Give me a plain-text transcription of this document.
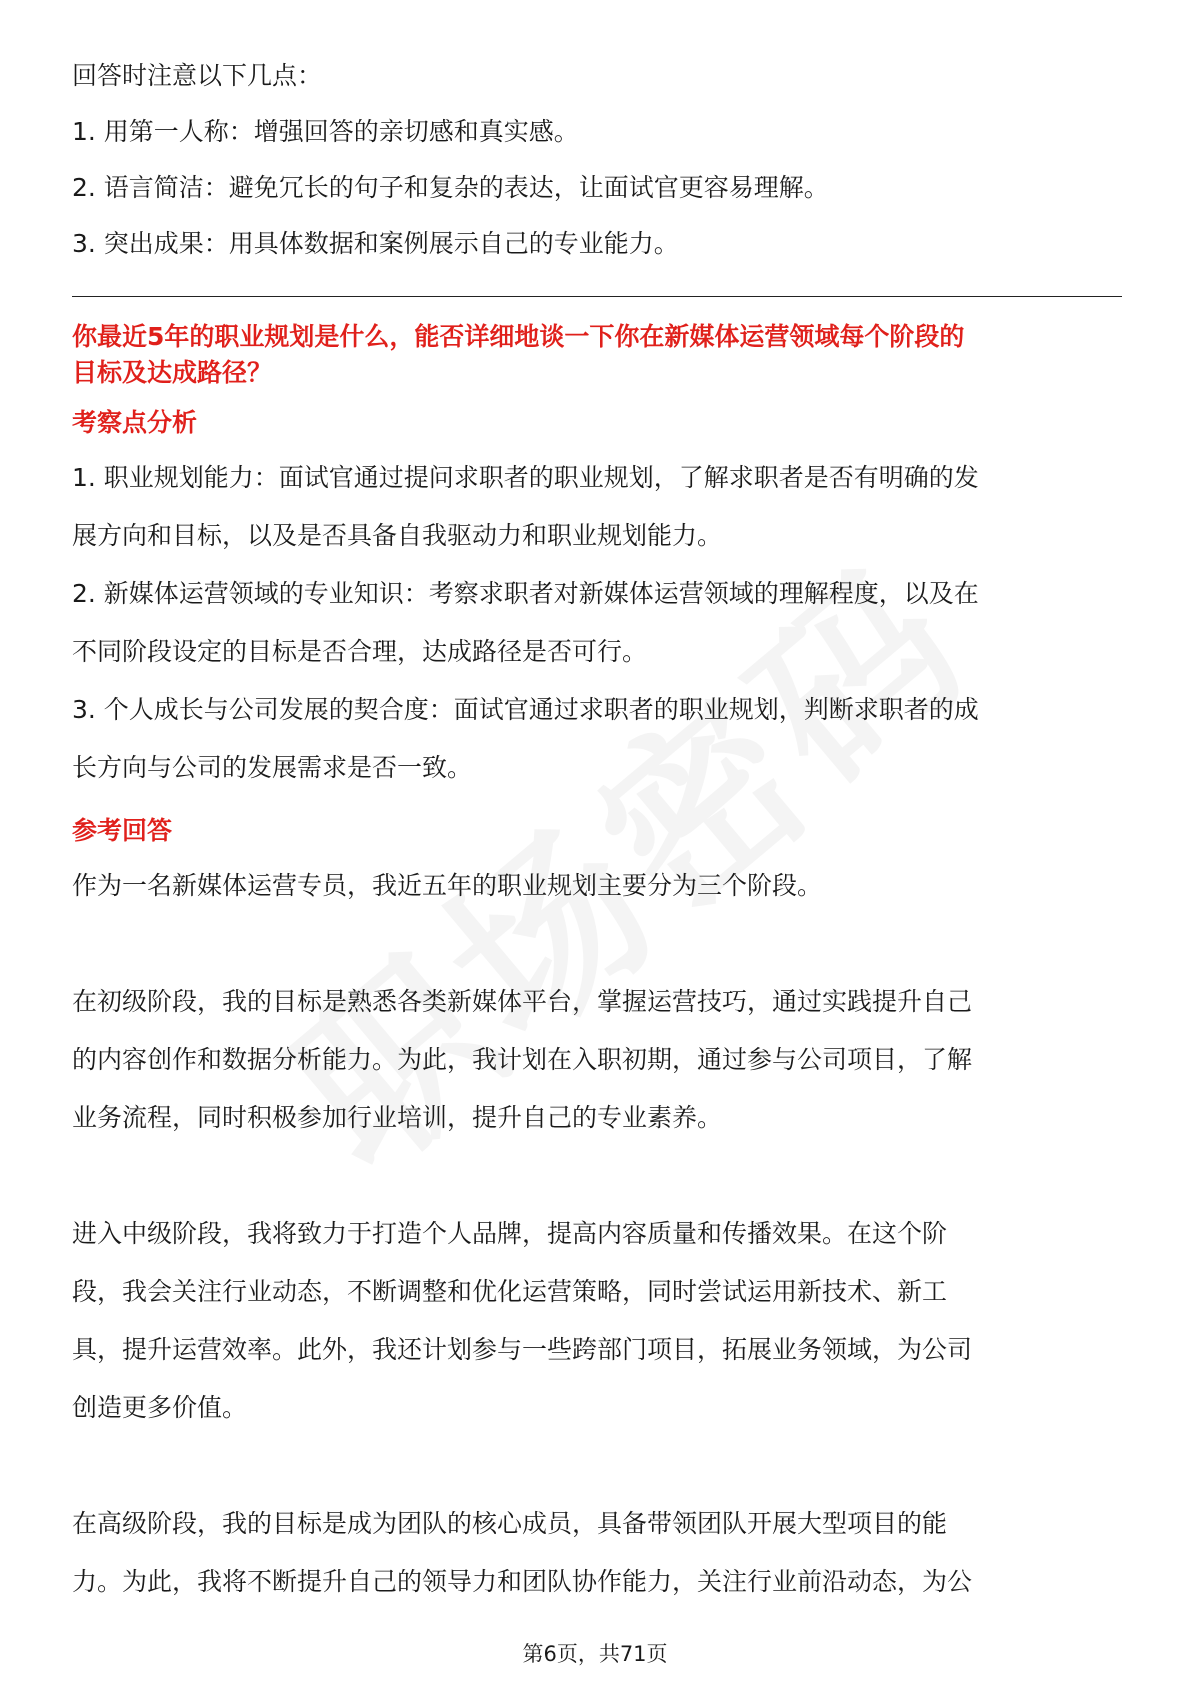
回答时注意以下几点：

1. 用第一人称：增强回答的亲切感和真实感。

2. 语言简洁：避免冗长的句子和复杂的表达，让面试官更容易理解。

3. 突出成果：用具体数据和案例展示自己的专业能力。

你最近5年的职业规划是什么，能否详细地谈一下你在新媒体运营领域每个阶段的
目标及达成路径？
考察点分析

1. 职业规划能力：面试官通过提问求职者的职业规划，了解求职者是否有明确的发

展方向和目标，以及是否具备自我驱动力和职业规划能力。

2. 新媒体运营领域的专业知识：考察求职者对新媒体运营领域的理解程度，以及在

不同阶段设定的目标是否合理，达成路径是否可行。

3. 个人成长与公司发展的契合度：面试官通过求职者的职业规划，判断求职者的成

长方向与公司的发展需求是否一致。

参考回答

作为一名新媒体运营专员，我近五年的职业规划主要分为三个阶段。

在初级阶段，我的目标是熟悉各类新媒体平台，掌握运营技巧，通过实践提升自己

的内容创作和数据分析能力。为此，我计划在入职初期，通过参与公司项目，了解

业务流程，同时积极参加行业培训，提升自己的专业素养。

进入中级阶段，我将致力于打造个人品牌，提高内容质量和传播效果。在这个阶

段，我会关注行业动态，不断调整和优化运营策略，同时尝试运用新技术、新工

具，提升运营效率。此外，我还计划参与一些跨部门项目，拓展业务领域，为公司

创造更多价值。

在高级阶段，我的目标是成为团队的核心成员，具备带领团队开展大型项目的能

力。为此，我将不断提升自己的领导力和团队协作能力，关注行业前沿动态，为公

第6页，共71页
